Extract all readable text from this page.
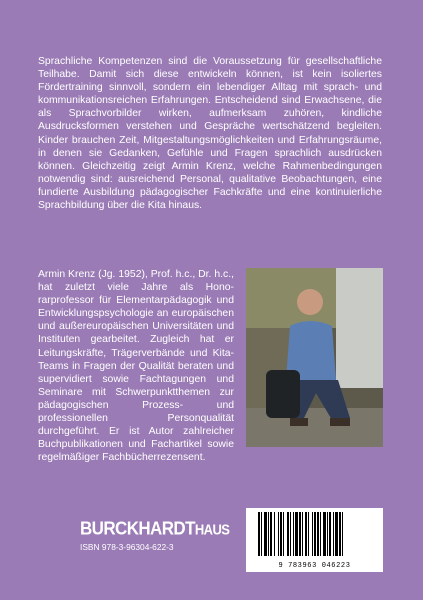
Sprachliche Kompetenzen sind die Voraussetzung für gesellschaftliche Teilhabe. Damit sich diese entwickeln können, ist kein isoliertes Fördertraining sinnvoll, sondern ein lebendiger Alltag mit sprach- und kommunikationsreichen Erfahrungen. Entscheidend sind Erwachsene, die als Sprachvorbilder wirken, aufmerksam zuhören, kindliche Ausdrucksformen verstehen und Gespräche wertschätzend begleiten. Kinder brauchen Zeit, Mitgestaltungsmöglichkeiten und Erfahrungsräume, in denen sie Gedanken, Gefühle und Fragen sprachlich ausdrücken können. Gleichzeitig zeigt Armin Krenz, welche Rahmenbedingungen notwendig sind: ausreichend Personal, qualitative Beobachtungen, eine fundierte Ausbildung pädagogischer Fachkräfte und eine kontinuierliche Sprachbildung über die Kita hinaus.

Armin Krenz (Jg. 1952), Prof. h.c., Dr. h.c., hat zuletzt viele Jahre als Honorarprofessor für Elementarpädagogik und Entwicklungspsychologie an europäischen und außereuropäischen Universitäten und Instituten gearbeitet. Zugleich hat er Leitungskräfte, Trägerverbände und Kita-Teams in Fragen der Qualität beraten und supervidiert sowie Fachtagungen und Seminare mit Schwerpunktthemen zur pädagogischen Prozess- und professionellen Personqualität durchgeführt. Er ist Autor zahlreicher Buchpublikationen und Fachartikel sowie regelmäßiger Fachbücherrezensent.

BURCKHARDTHAUS
ISBN 978-3-96304-622-3
9 783963 046223
